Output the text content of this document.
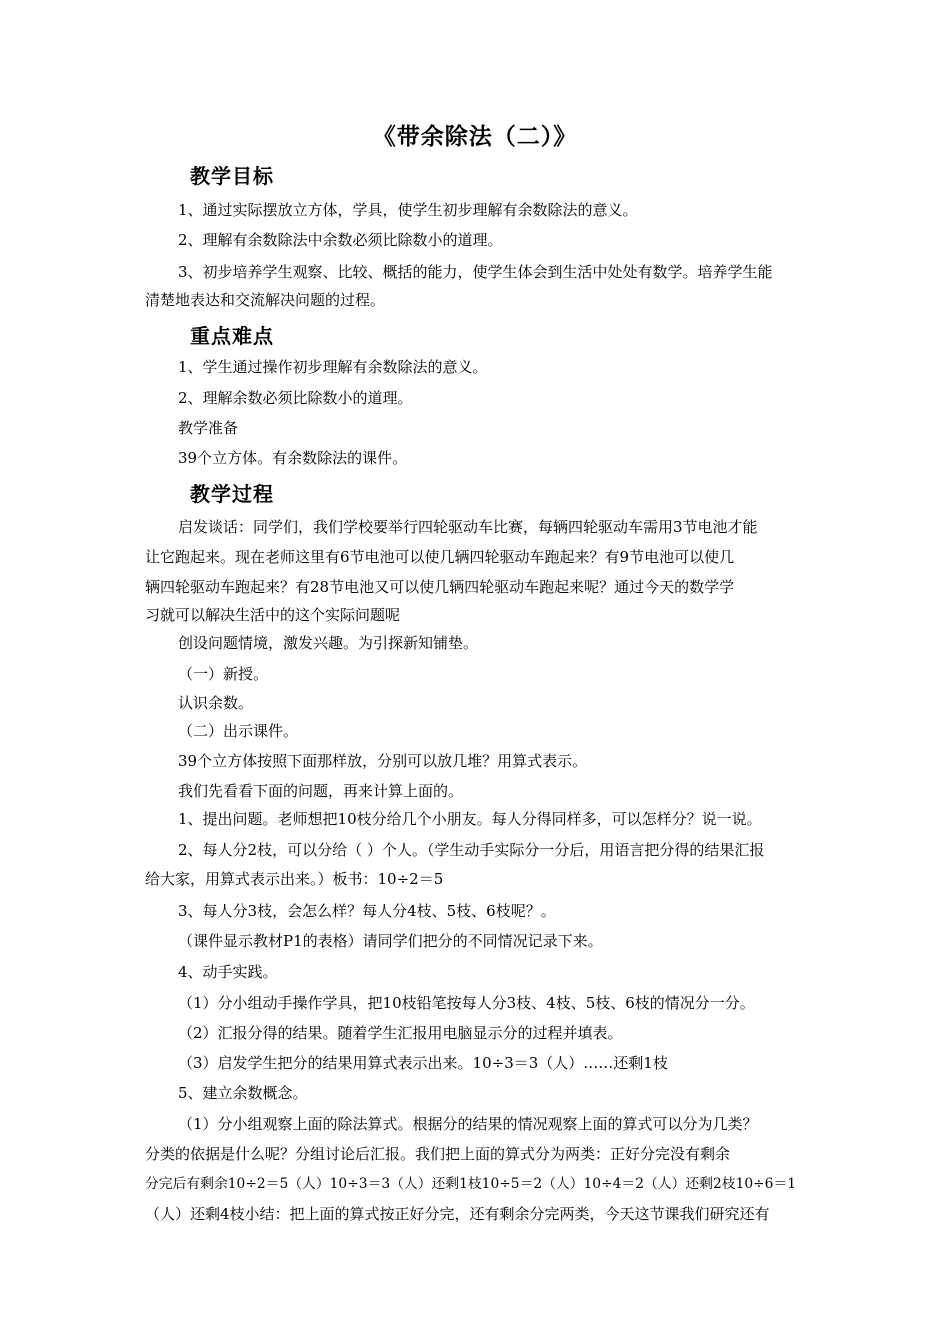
《带余除法（二）》
教学目标
1、通过实际摆放立方体，学具，使学生初步理解有余数除法的意义。
2、理解有余数除法中余数必须比除数小的道理。
3、初步培养学生观察、比较、概括的能力，使学生体会到生活中处处有数学。培养学生能
清楚地表达和交流解决问题的过程。
重点难点
1、学生通过操作初步理解有余数除法的意义。
2、理解余数必须比除数小的道理。
教学准备
39个立方体。有余数除法的课件。
教学过程
启发谈话：同学们，我们学校要举行四轮驱动车比赛，每辆四轮驱动车需用3节电池才能
让它跑起来。现在老师这里有6节电池可以使几辆四轮驱动车跑起来？有9节电池可以使几
辆四轮驱动车跑起来？有28节电池又可以使几辆四轮驱动车跑起来呢？通过今天的数学学
习就可以解决生活中的这个实际问题呢
创设问题情境，激发兴趣。为引探新知铺垫。
（一）新授。
认识余数。
（二）出示课件。
39个立方体按照下面那样放，分别可以放几堆？用算式表示。
我们先看看下面的问题，再来计算上面的。
1、提出问题。老师想把10枝分给几个小朋友。每人分得同样多，可以怎样分？说一说。
2、每人分2枝，可以分给（ ）个人。（学生动手实际分一分后，用语言把分得的结果汇报
给大家，用算式表示出来。）板书：10÷2＝5
3、每人分3枝，会怎么样？每人分4枝、5枝、6枝呢？。
（课件显示教材P1的表格）请同学们把分的不同情况记录下来。
4、动手实践。
（1）分小组动手操作学具，把10枝铅笔按每人分3枝、4枝、5枝、6枝的情况分一分。
（2）汇报分得的结果。随着学生汇报用电脑显示分的过程并填表。
（3）启发学生把分的结果用算式表示出来。10÷3＝3（人）……还剩1枝
5、建立余数概念。
（1）分小组观察上面的除法算式。根据分的结果的情况观察上面的算式可以分为几类？
分类的依据是什么呢？分组讨论后汇报。我们把上面的算式分为两类：正好分完没有剩余
分完后有剩余10÷2＝5（人）10÷3＝3（人）还剩1枝10÷5＝2（人）10÷4＝2（人）还剩2枝10÷6＝1
（人）还剩4枝小结：把上面的算式按正好分完，还有剩余分完两类，今天这节课我们研究还有
